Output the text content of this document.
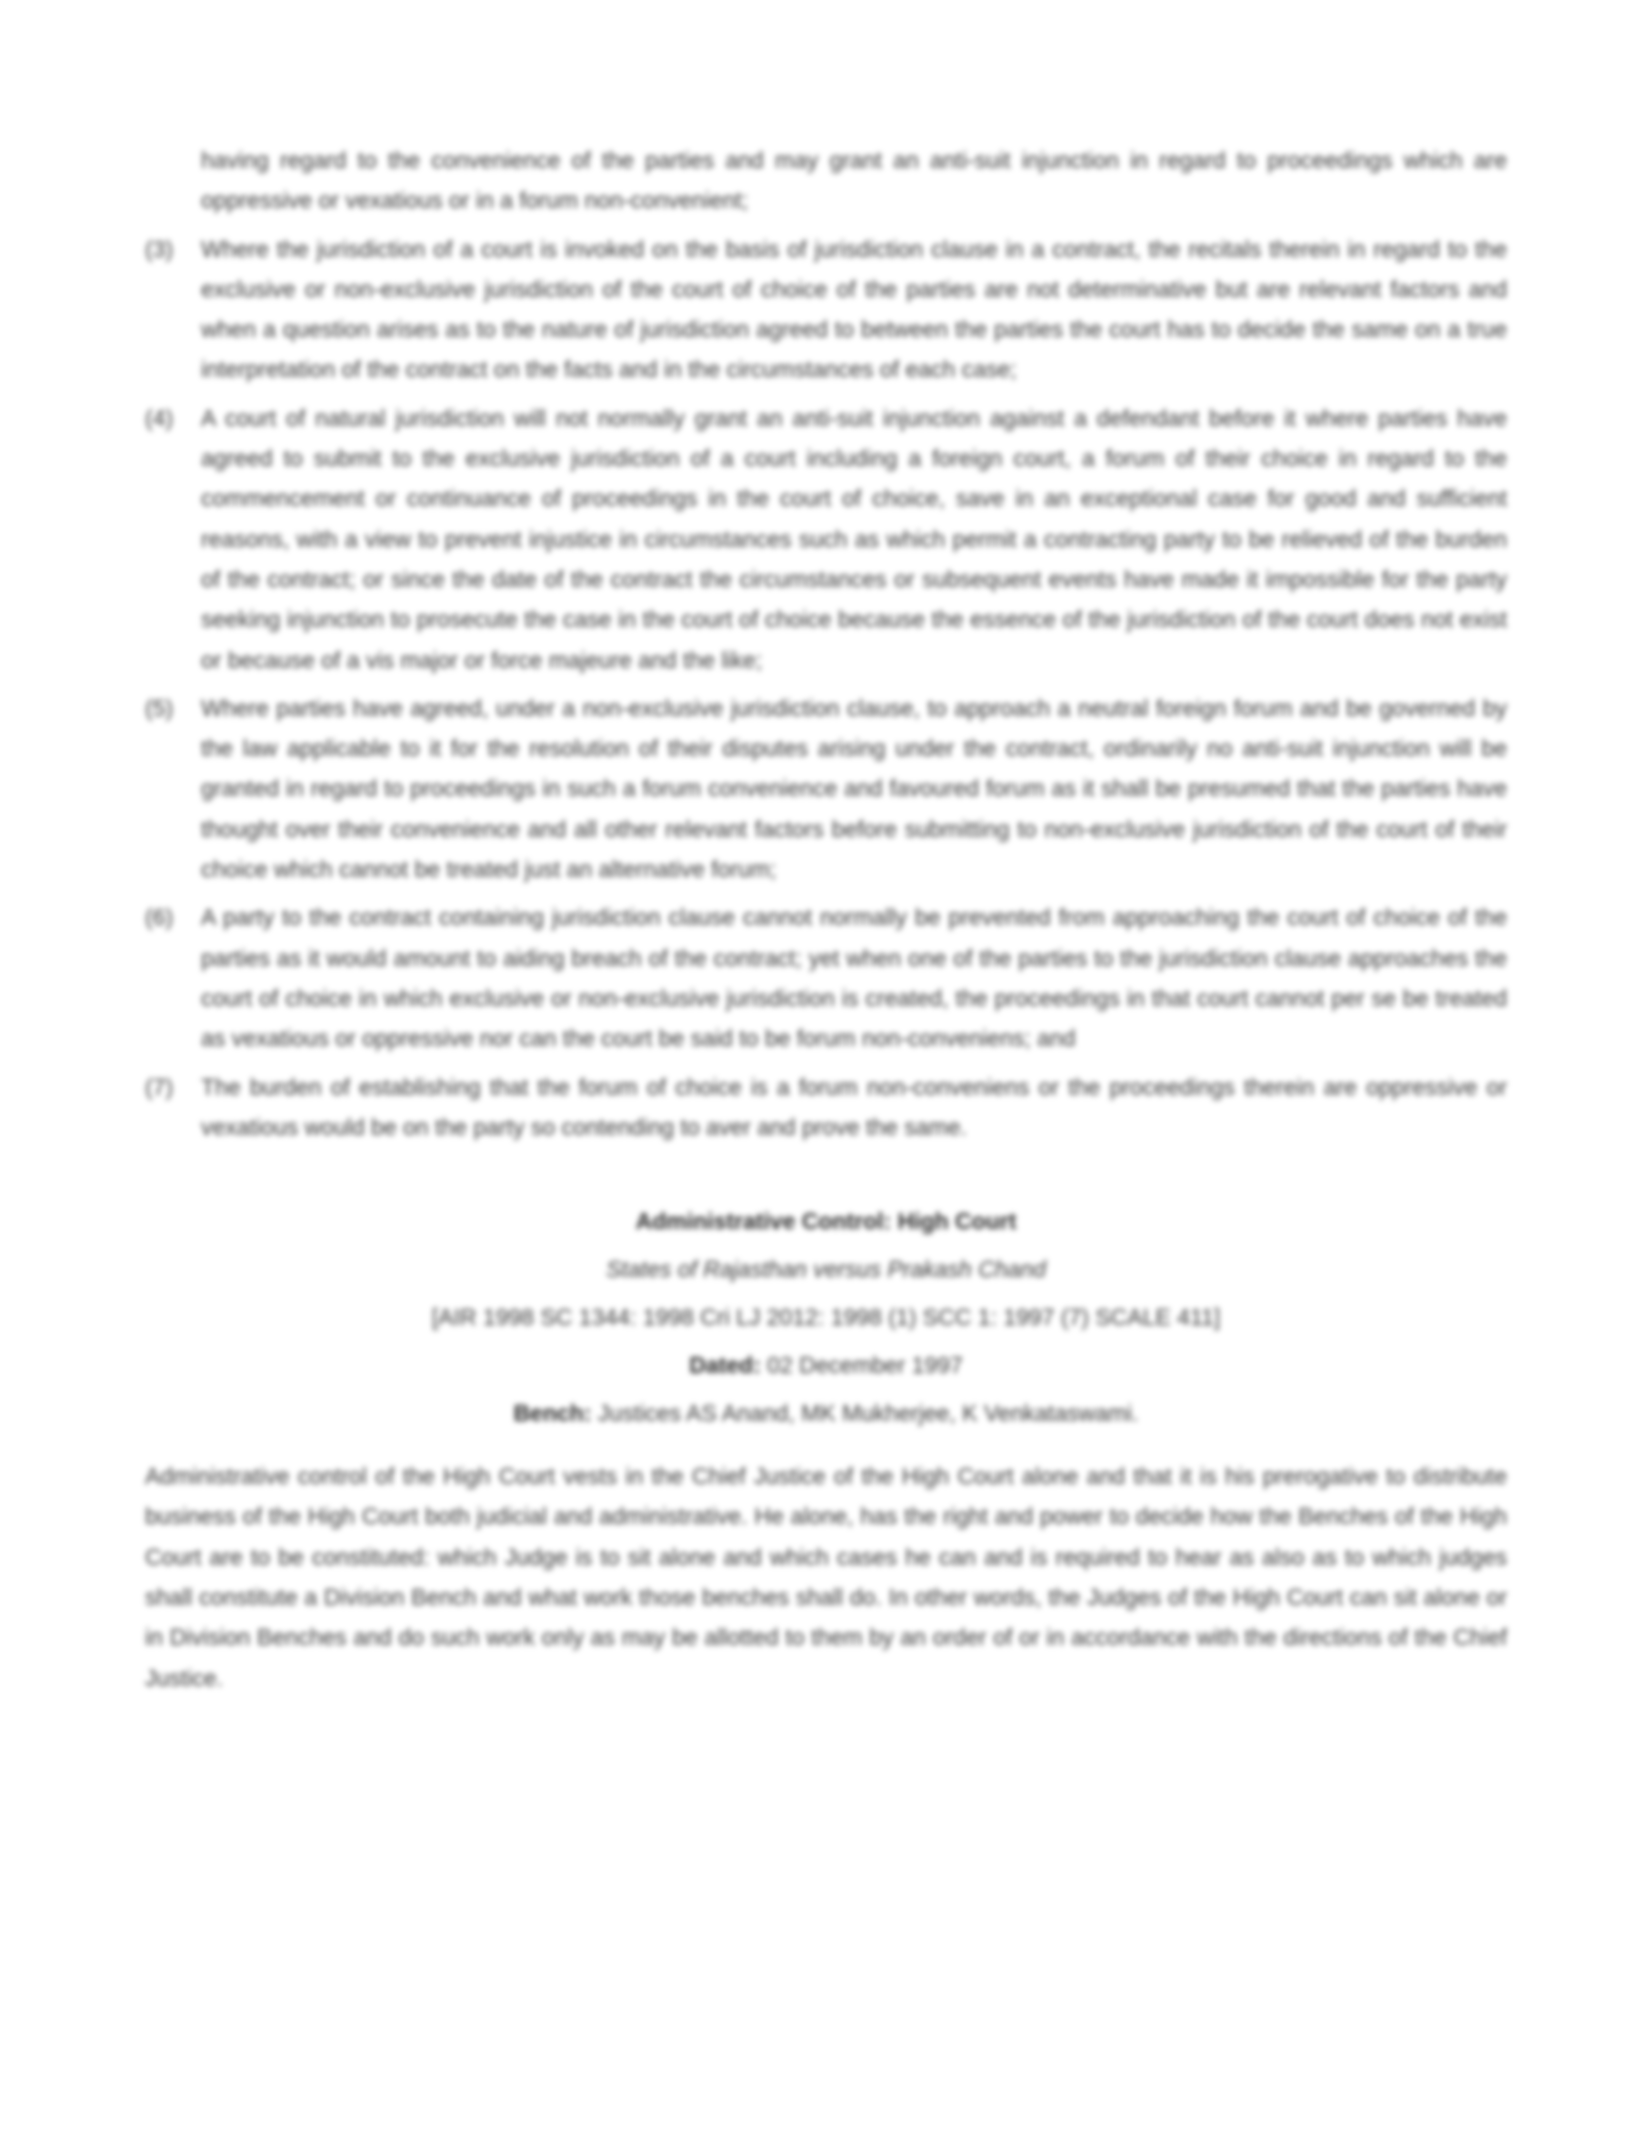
having regard to the convenience of the parties and may grant an anti-suit injunction in regard to proceedings which are oppressive or vexatious or in a forum non-convenient;
(3)	Where the jurisdiction of a court is invoked on the basis of jurisdiction clause in a contract, the recitals therein in regard to the exclusive or non-exclusive jurisdiction of the court of choice of the parties are not determinative but are relevant factors and when a question arises as to the nature of jurisdiction agreed to between the parties the court has to decide the same on a true interpretation of the contract on the facts and in the circumstances of each case;
(4)	A court of natural jurisdiction will not normally grant an anti-suit injunction against a defendant before it where parties have agreed to submit to the exclusive jurisdiction of a court including a foreign court, a forum of their choice in regard to the commencement or continuance of proceedings in the court of choice, save in an exceptional case for good and sufficient reasons, with a view to prevent injustice in circumstances such as which permit a contracting party to be relieved of the burden of the contract; or since the date of the contract the circumstances or subsequent events have made it impossible for the party seeking injunction to prosecute the case in the court of choice because the essence of the jurisdiction of the court does not exist or because of a vis major or force majeure and the like;
(5)	Where parties have agreed, under a non-exclusive jurisdiction clause, to approach a neutral foreign forum and be governed by the law applicable to it for the resolution of their disputes arising under the contract, ordinarily no anti-suit injunction will be granted in regard to proceedings in such a forum convenience and favoured forum as it shall be presumed that the parties have thought over their convenience and all other relevant factors before submitting to non-exclusive jurisdiction of the court of their choice which cannot be treated just an alternative forum;
(6)	A party to the contract containing jurisdiction clause cannot normally be prevented from approaching the court of choice of the parties as it would amount to aiding breach of the contract; yet when one of the parties to the jurisdiction clause approaches the court of choice in which exclusive or non-exclusive jurisdiction is created, the proceedings in that court cannot per se be treated as vexatious or oppressive nor can the court be said to be forum non-conveniens; and
(7)	The burden of establishing that the forum of choice is a forum non-conveniens or the proceedings therein are oppressive or vexatious would be on the party so contending to aver and prove the same.
Administrative Control: High Court
States of Rajasthan versus Prakash Chand
[AIR 1998 SC 1344: 1998 Cri LJ 2012: 1998 (1) SCC 1: 1997 (7) SCALE 411]
Dated: 02 December 1997
Bench: Justices AS Anand, MK Mukherjee, K Venkataswami.

Administrative control of the High Court vests in the Chief Justice of the High Court alone and that it is his prerogative to distribute business of the High Court both judicial and administrative. He alone, has the right and power to decide how the Benches of the High Court are to be constituted: which Judge is to sit alone and which cases he can and is required to hear as also as to which judges shall constitute a Division Bench and what work those benches shall do. In other words, the Judges of the High Court can sit alone or in Division Benches and do such work only as may be allotted to them by an order of or in accordance with the directions of the Chief Justice.
